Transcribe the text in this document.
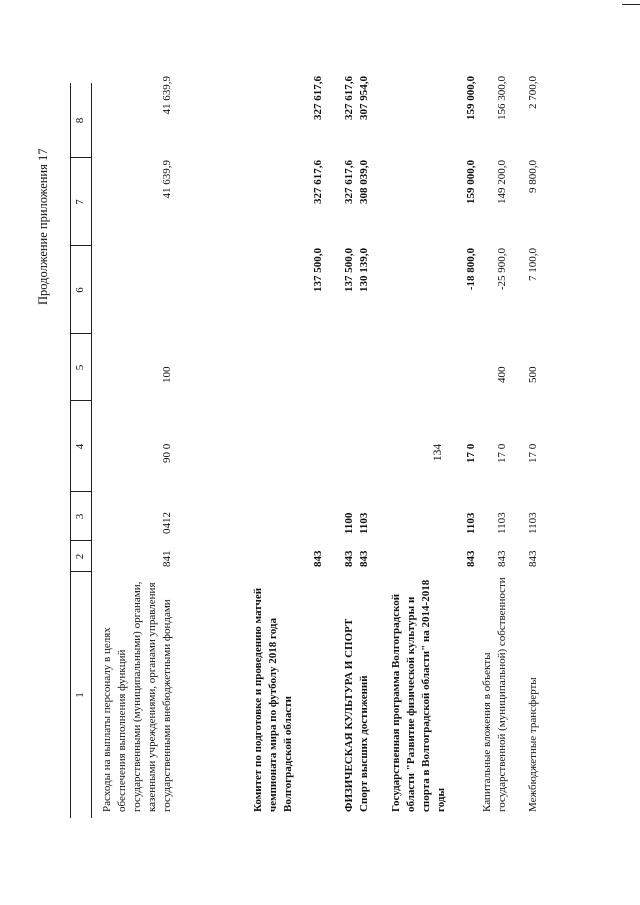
134
Продолжение приложения 17
1
2
3
4
5
6
7
8
Расходы на выплаты персоналу в целях обеспечения выполнения функций государственными (муниципальными) органами, казенными учреждениями, органами управления государственными внебюджетными фондами
841
0412
90 0
100
41 639,9
41 639,9
Комитет по подготовке и проведению матчей чемпионата мира по футболу 2018 года Волгоградской области
843
137 500,0
327 617,6
327 617,6
ФИЗИЧЕСКАЯ КУЛЬТУРА И СПОРТ
843
1100
137 500,0
327 617,6
327 617,6
Спорт высших достижений
843
1103
130 139,0
308 039,0
307 954,0
Государственная программа Волгоградской области "Развитие физической культуры и спорта в Волгоградской области" на 2014-2018 годы
843
1103
17 0
-18 800,0
159 000,0
159 000,0
Капитальные вложения в объекты государственной (муниципальной) собственности
843
1103
17 0
400
-25 900,0
149 200,0
156 300,0
Межбюджетные трансферты
843
1103
17 0
500
7 100,0
9 800,0
2 700,0
